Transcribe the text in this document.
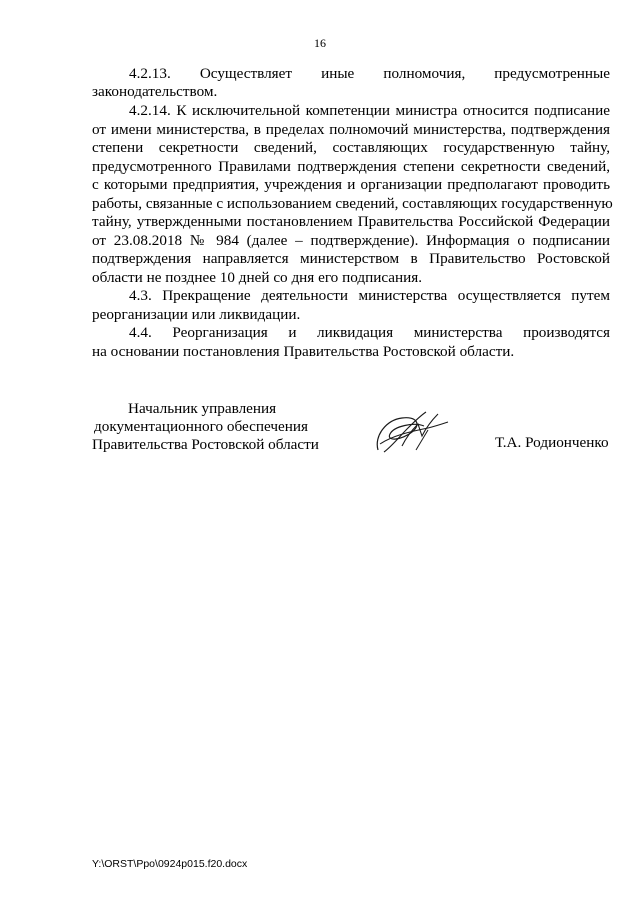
16
4.2.13. Осуществляет иные полномочия, предусмотренные
законодательством.
4.2.14. К исключительной компетенции министра относится подписание
от имени министерства, в пределах полномочий министерства, подтверждения
степени секретности сведений, составляющих государственную тайну,
предусмотренного Правилами подтверждения степени секретности сведений,
с которыми предприятия, учреждения и организации предполагают проводить
работы, связанные с использованием сведений, составляющих государственную
тайну, утвержденными постановлением Правительства Российской Федерации
от 23.08.2018 № 984 (далее – подтверждение). Информация о подписании
подтверждения направляется министерством в Правительство Ростовской
области не позднее 10 дней со дня его подписания.
4.3. Прекращение деятельности министерства осуществляется путем
реорганизации или ликвидации.
4.4. Реорганизация и ликвидация министерства производятся
на основании постановления Правительства Ростовской области.
Начальник управления
документационного обеспечения
Правительства Ростовской области	Т.А. Родионченко
Y:\ORST\Ppo\0924p015.f20.docx
